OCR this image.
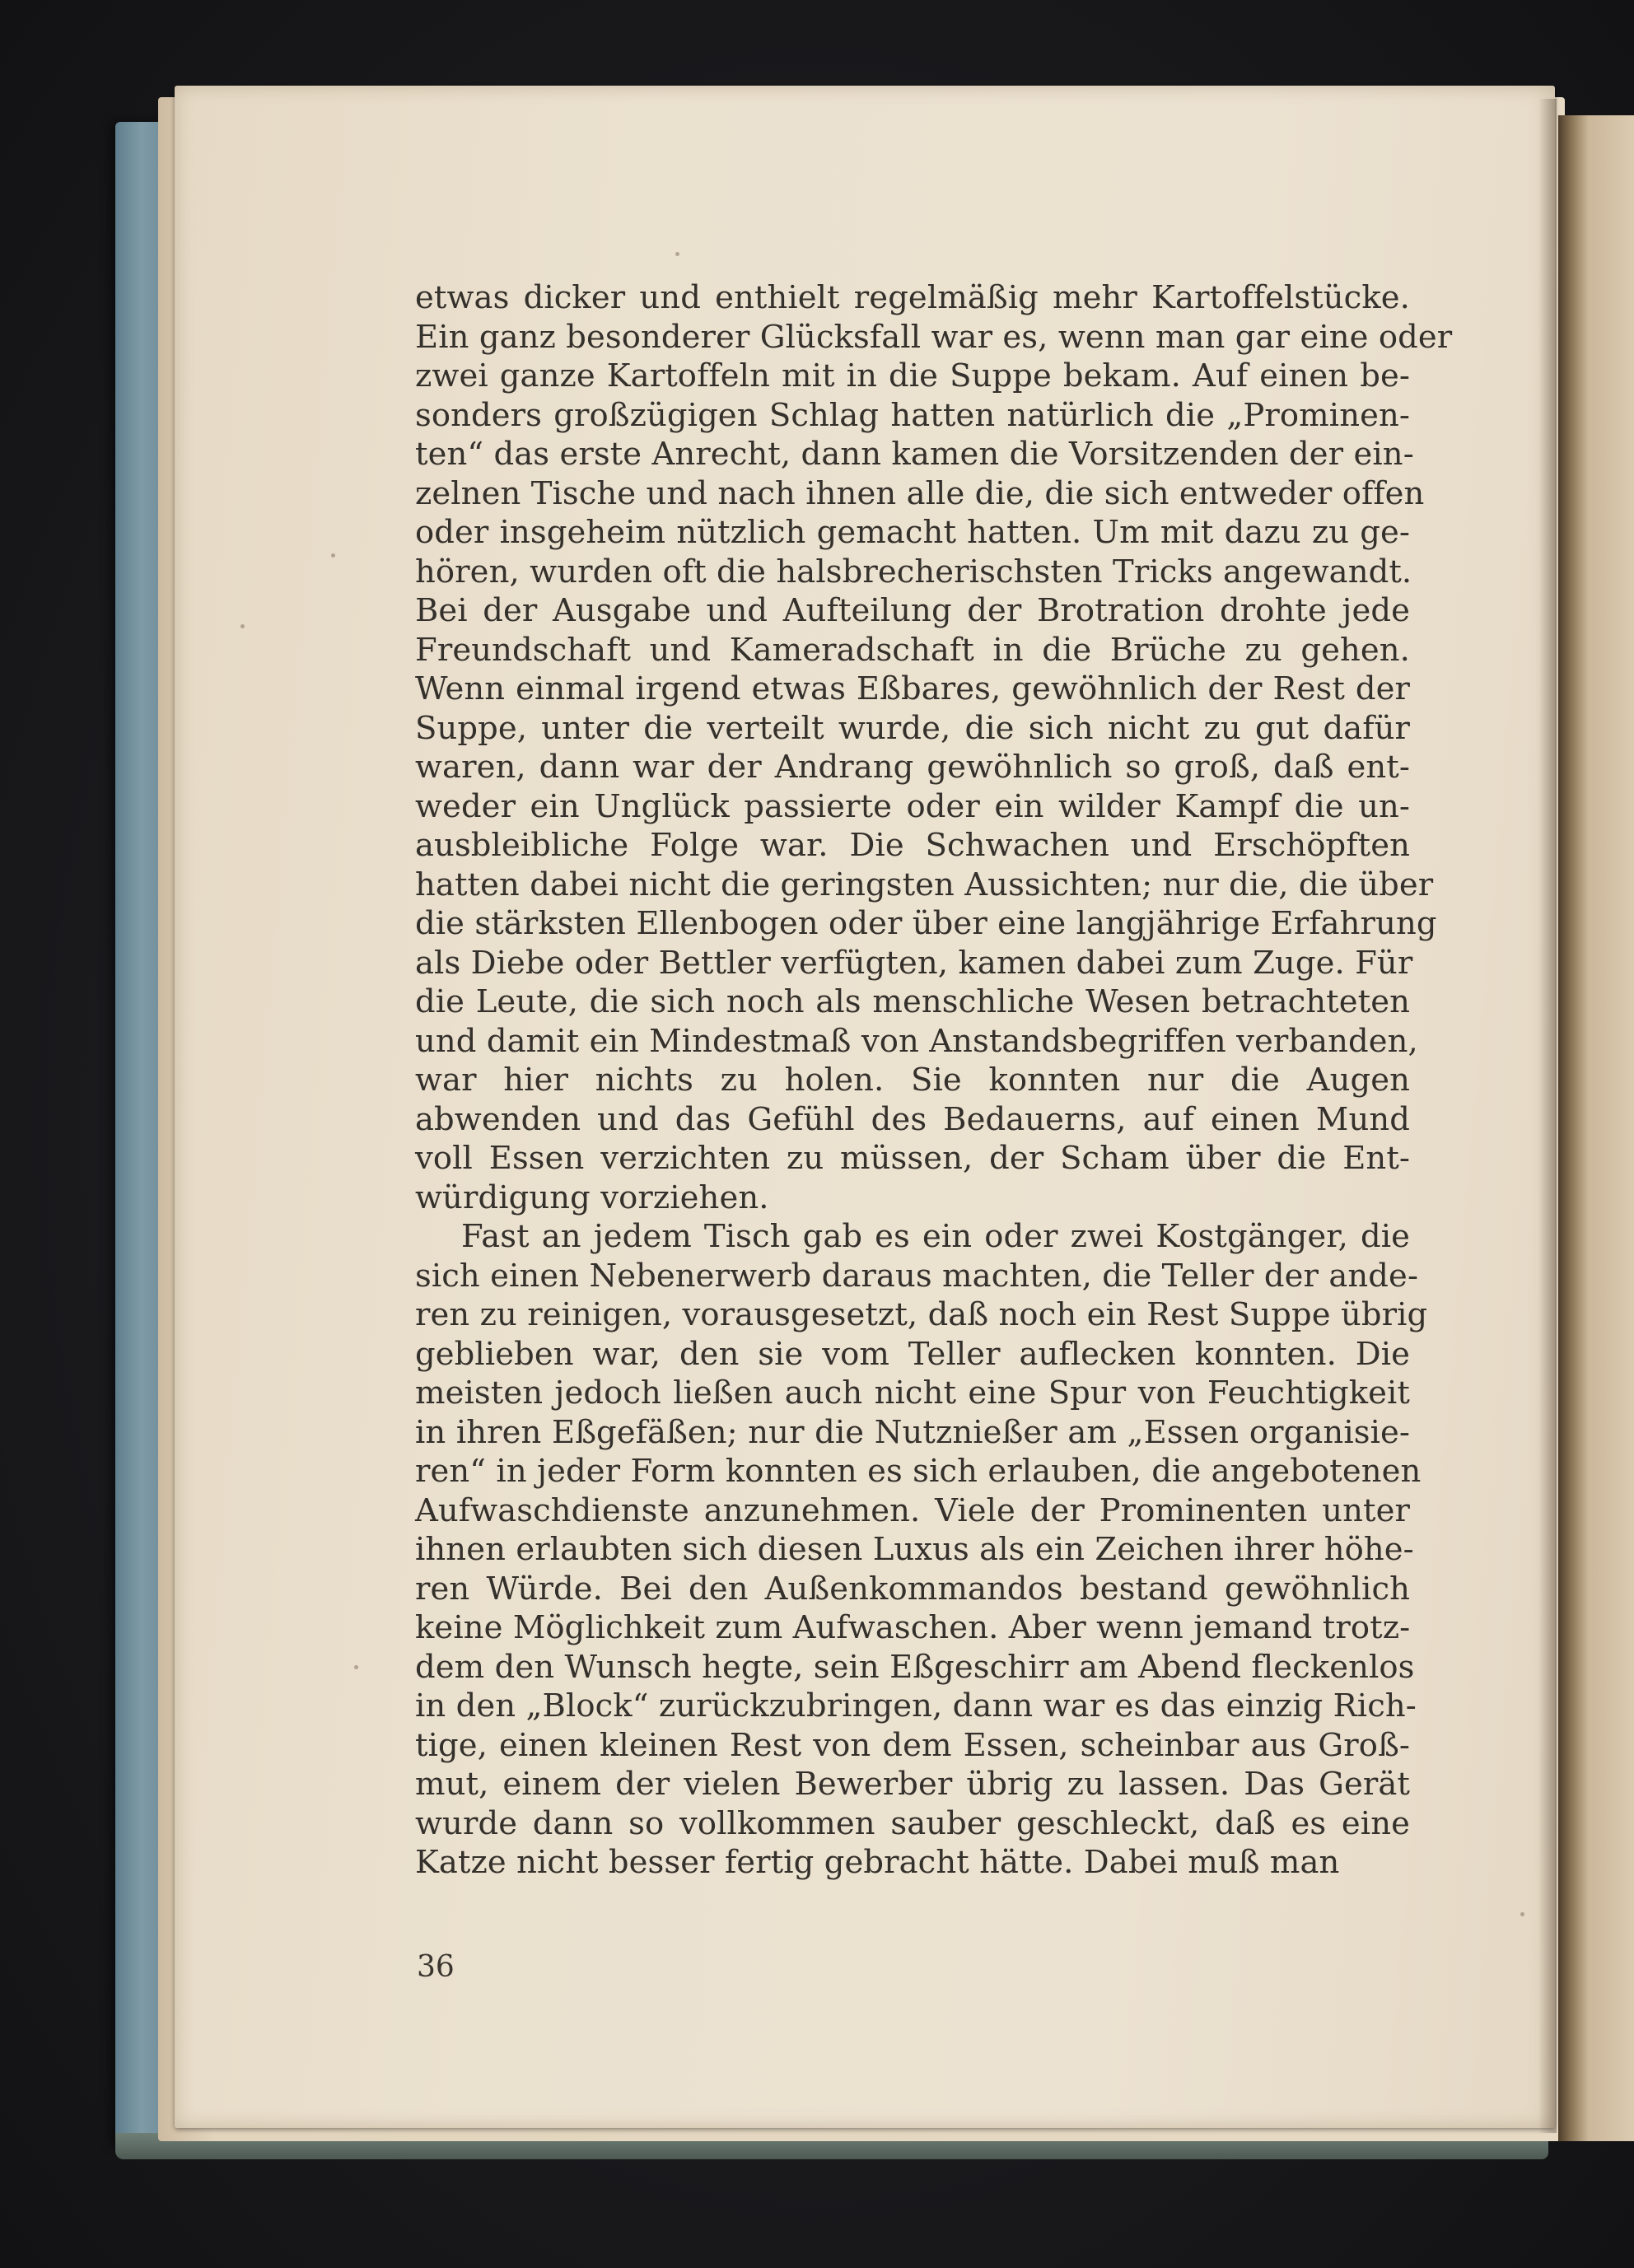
etwas dicker und enthielt regelmäßig mehr Kartoffelstücke.
Ein ganz besonderer Glücksfall war es, wenn man gar eine oder
zwei ganze Kartoffeln mit in die Suppe bekam. Auf einen be-
sonders großzügigen Schlag hatten natürlich die „Prominen-
ten“ das erste Anrecht, dann kamen die Vorsitzenden der ein-
zelnen Tische und nach ihnen alle die, die sich entweder offen
oder insgeheim nützlich gemacht hatten. Um mit dazu zu ge-
hören, wurden oft die halsbrecherischsten Tricks angewandt.
Bei der Ausgabe und Aufteilung der Brotration drohte jede
Freundschaft und Kameradschaft in die Brüche zu gehen.
Wenn einmal irgend etwas Eßbares, gewöhnlich der Rest der
Suppe, unter die verteilt wurde, die sich nicht zu gut dafür
waren, dann war der Andrang gewöhnlich so groß, daß ent-
weder ein Unglück passierte oder ein wilder Kampf die un-
ausbleibliche Folge war. Die Schwachen und Erschöpften
hatten dabei nicht die geringsten Aussichten; nur die, die über
die stärksten Ellenbogen oder über eine langjährige Erfahrung
als Diebe oder Bettler verfügten, kamen dabei zum Zuge. Für
die Leute, die sich noch als menschliche Wesen betrachteten
und damit ein Mindestmaß von Anstandsbegriffen verbanden,
war hier nichts zu holen. Sie konnten nur die Augen
abwenden und das Gefühl des Bedauerns, auf einen Mund
voll Essen verzichten zu müssen, der Scham über die Ent-
würdigung vorziehen.
Fast an jedem Tisch gab es ein oder zwei Kostgänger, die
sich einen Nebenerwerb daraus machten, die Teller der ande-
ren zu reinigen, vorausgesetzt, daß noch ein Rest Suppe übrig
geblieben war, den sie vom Teller auflecken konnten. Die
meisten jedoch ließen auch nicht eine Spur von Feuchtigkeit
in ihren Eßgefäßen; nur die Nutznießer am „Essen organisie-
ren“ in jeder Form konnten es sich erlauben, die angebotenen
Aufwaschdienste anzunehmen. Viele der Prominenten unter
ihnen erlaubten sich diesen Luxus als ein Zeichen ihrer höhe-
ren Würde. Bei den Außenkommandos bestand gewöhnlich
keine Möglichkeit zum Aufwaschen. Aber wenn jemand trotz-
dem den Wunsch hegte, sein Eßgeschirr am Abend fleckenlos
in den „Block“ zurückzubringen, dann war es das einzig Rich-
tige, einen kleinen Rest von dem Essen, scheinbar aus Groß-
mut, einem der vielen Bewerber übrig zu lassen. Das Gerät
wurde dann so vollkommen sauber geschleckt, daß es eine
Katze nicht besser fertig gebracht hätte. Dabei muß man
36
